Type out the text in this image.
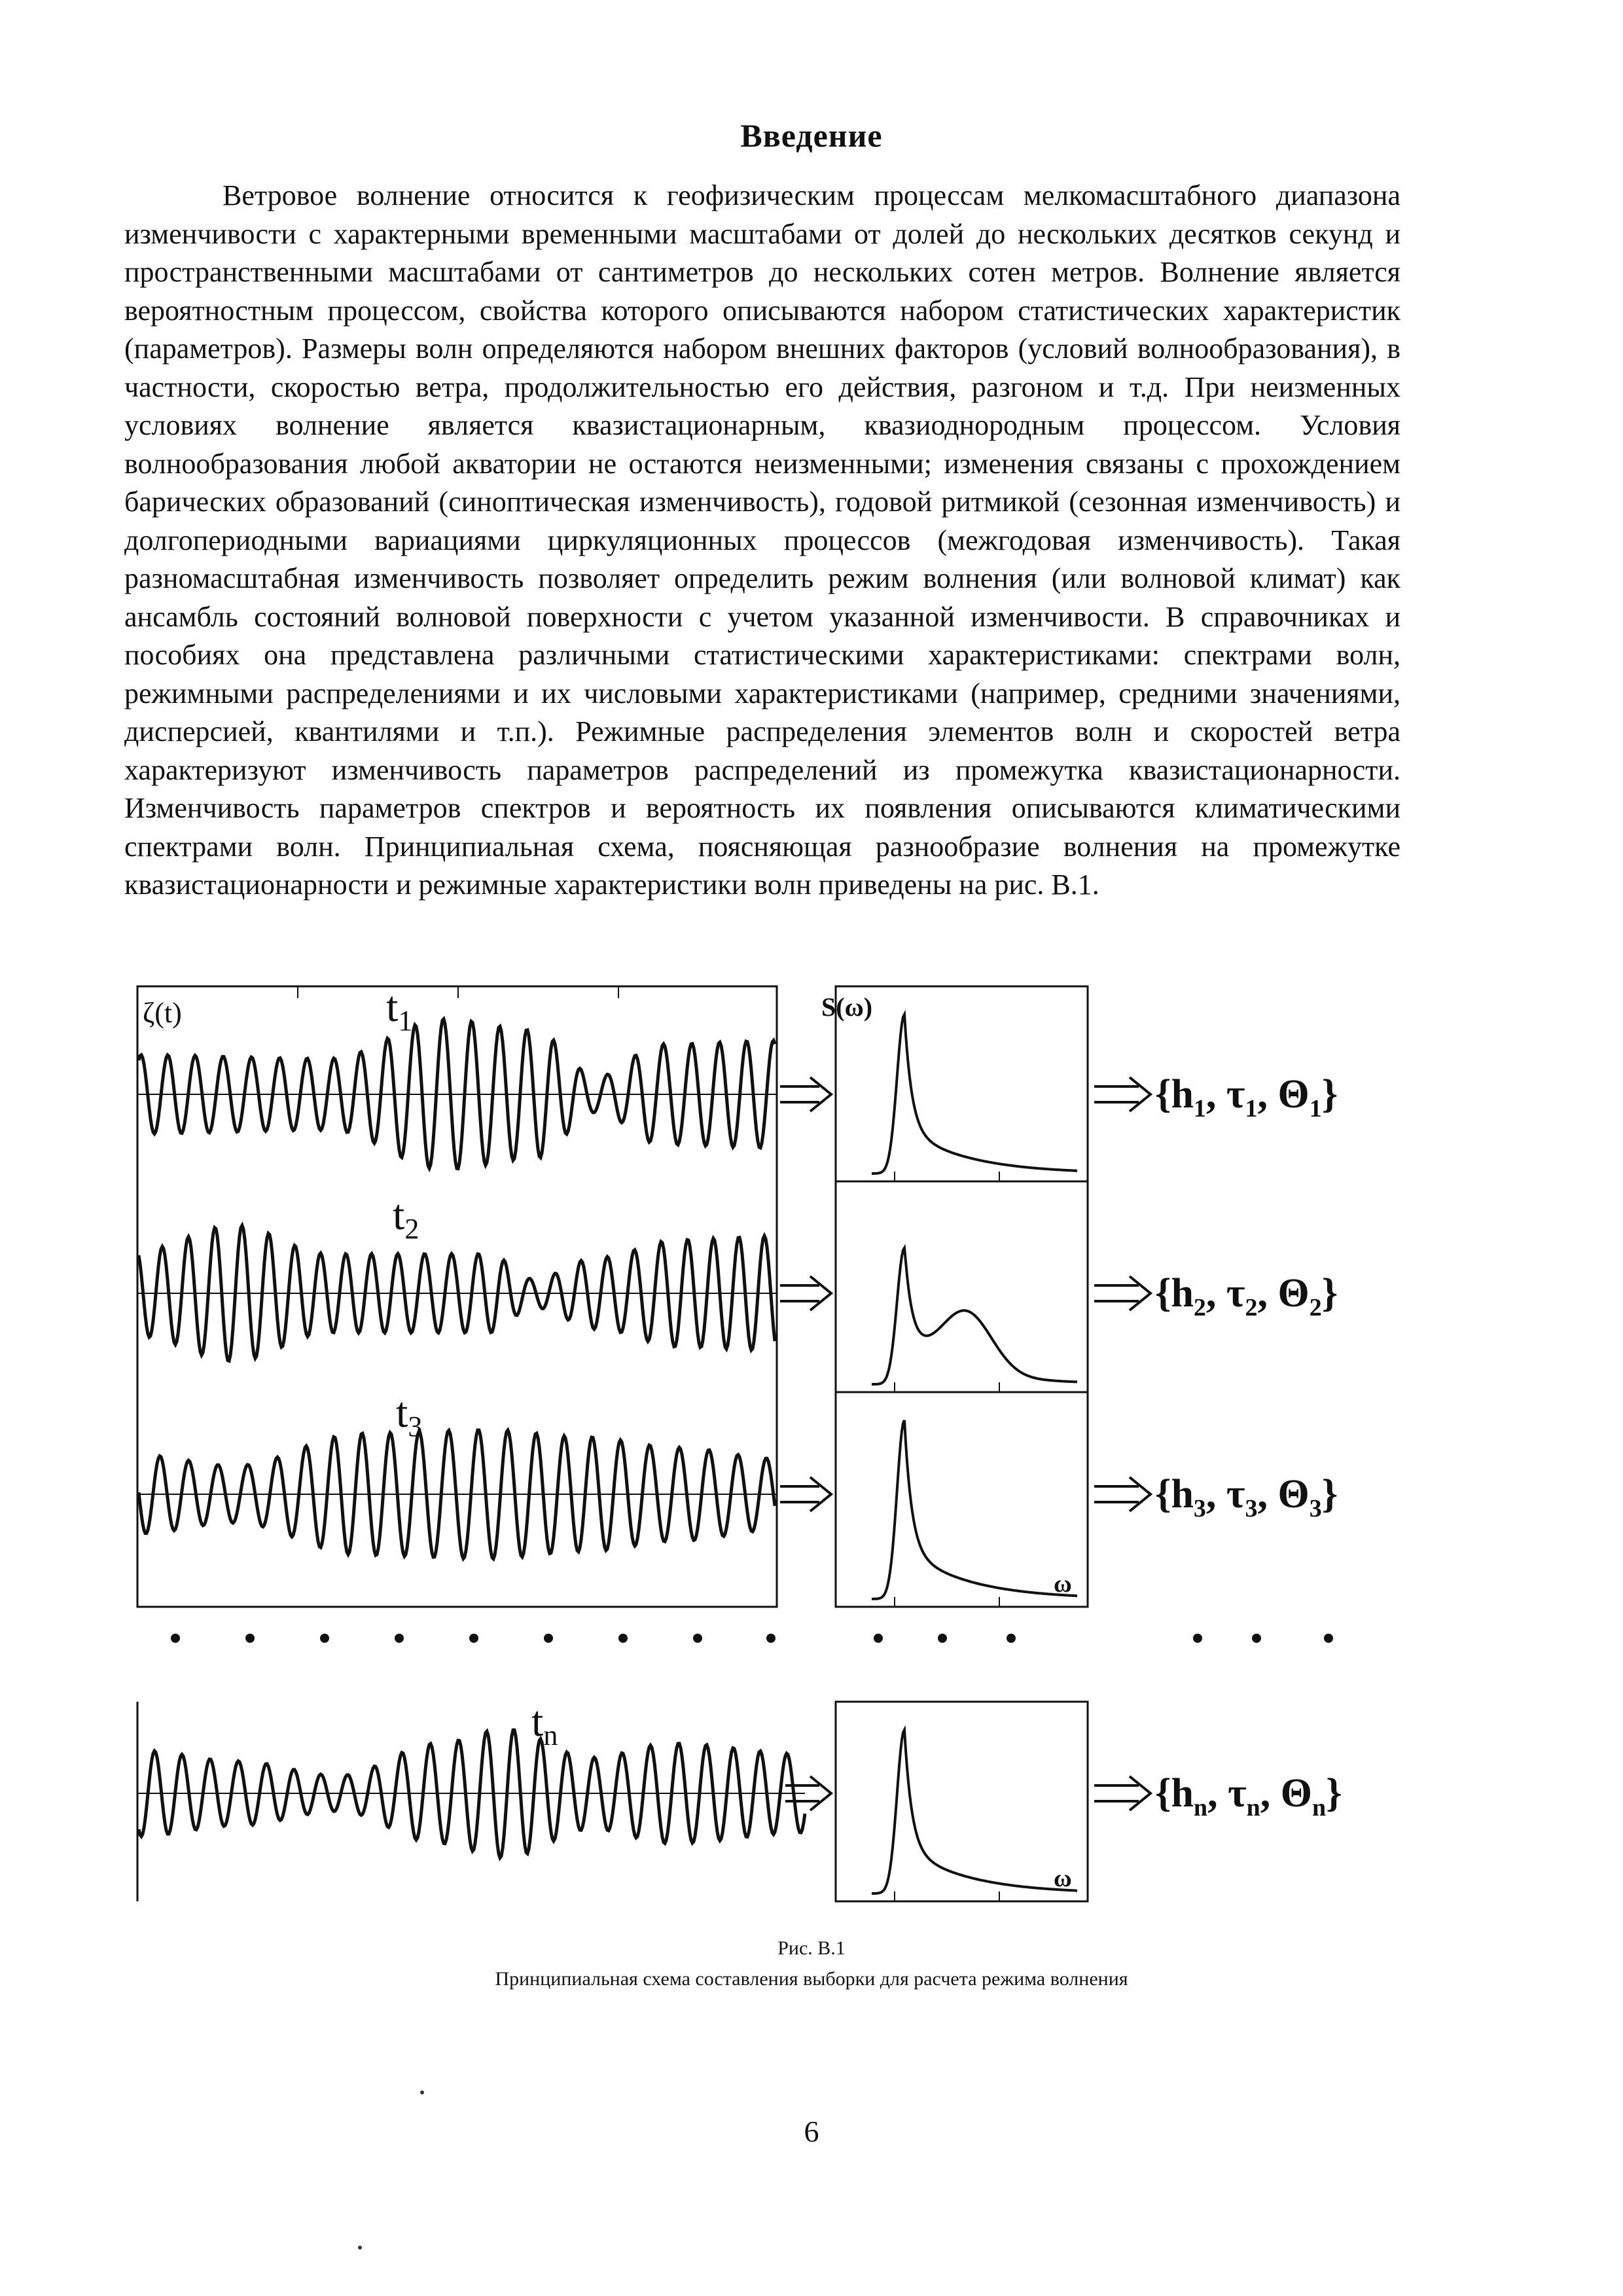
Введение

Ветровое волнение относится к геофизическим процессам мелкомасштабного диапазона изменчивости с характерными временными масштабами от долей до нескольких десятков секунд и пространственными масштабами от сантиметров до нескольких сотен метров. Волнение является вероятностным процессом, свойства которого описываются набором статистических характеристик (параметров). Размеры волн определяются набором внешних факторов (условий волнообразования), в частности, скоростью ветра, продолжительностью его действия, разгоном и т.д. При неизменных условиях волнение является квазистационарным, квазиоднородным процессом. Условия волнообразования любой акватории не остаются неизменными; изменения связаны с прохождением барических образований (синоптическая изменчивость), годовой ритмикой (сезонная изменчивость) и долгопериодными вариациями циркуляционных процессов (межгодовая изменчивость). Такая разномасштабная изменчивость позволяет определить режим волнения (или волновой климат) как ансамбль состояний волновой поверхности с учетом указанной изменчивости. В справочниках и пособиях она представлена различными статистическими характеристиками: спектрами волн, режимными распределениями и их числовыми характеристиками (например, средними значениями, дисперсией, квантилями и т.п.). Режимные распределения элементов волн и скоростей ветра характеризуют изменчивость параметров распределений из промежутка квазистационарности. Изменчивость параметров спектров и вероятность их появления описываются климатическими спектрами волн. Принципиальная схема, поясняющая разнообразие волнения на промежутке квазистационарности и режимные характеристики волн приведены на рис. В.1.

ζ(t)	S(ω)
ω
ω
$t_1$
$t_2$
$t_3$
$t_n$
{$h_1$, $\tau_1$, $\Theta_1$}
{$h_2$, $\tau_2$, $\Theta_2$}
{$h_3$, $\tau_3$, $\Theta_3$}
{$h_n$, $\tau_n$, $\Theta_n$}
Рис. В.1
Принципиальная схема составления выборки для расчета режима волнения
6
